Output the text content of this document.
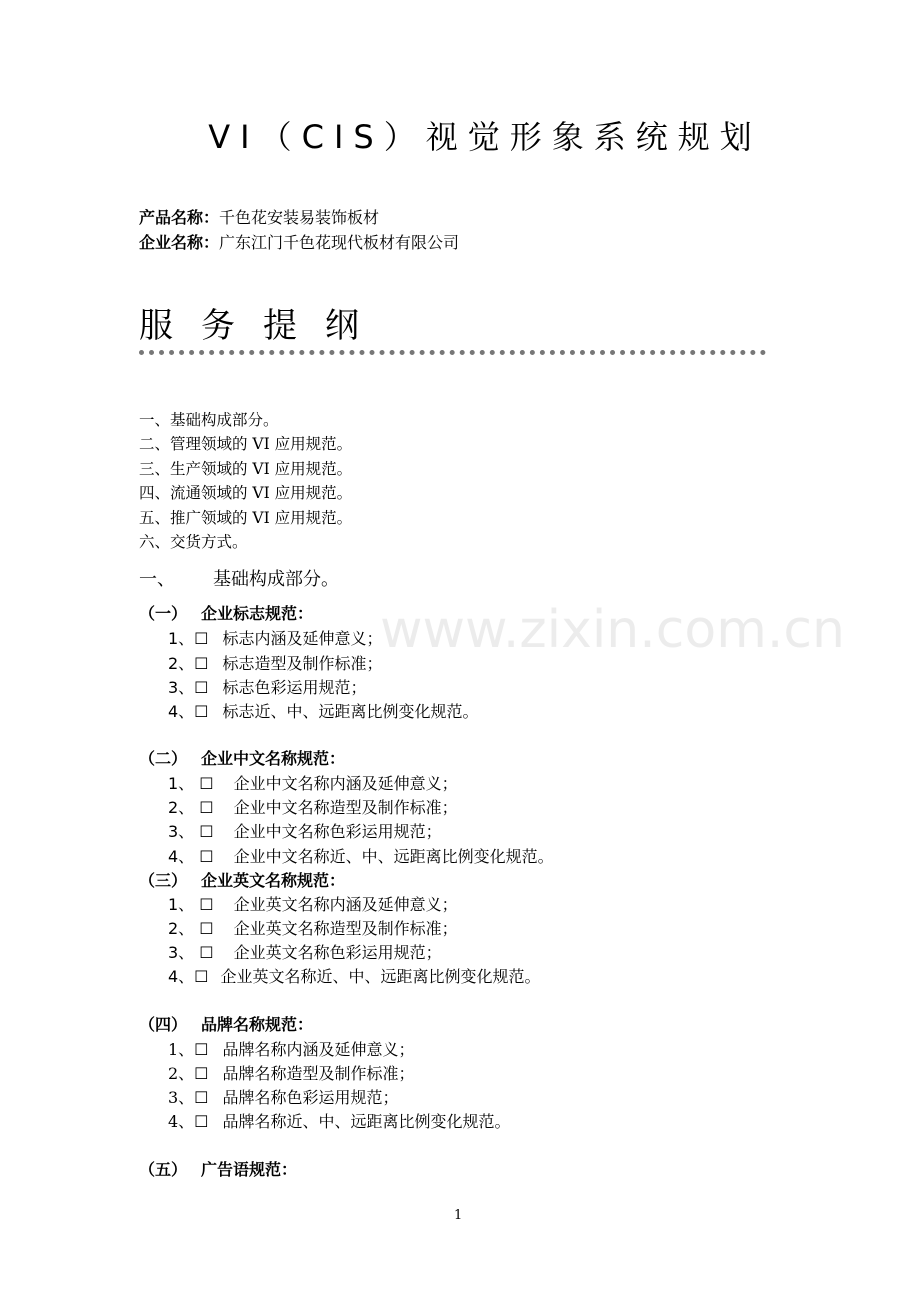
VI（CIS）视觉形象系统规划
产品名称：千色花安装易装饰板材
企业名称：广东江门千色花现代板材有限公司
服务提纲
一、基础构成部分。
二、管理领域的 VI 应用规范。
三、生产领域的 VI 应用规范。
四、流通领域的 VI 应用规范。
五、推广领域的 VI 应用规范。
六、交货方式。
一、 基础构成部分。
www.zixin.com.cn
（一） 企业标志规范：
1、☐ 标志内涵及延伸意义；
2、☐ 标志造型及制作标准；
3、☐ 标志色彩运用规范；
4、☐ 标志近、中、远距离比例变化规范。
（二） 企业中文名称规范：
1、 ☐ 企业中文名称内涵及延伸意义；
2、 ☐ 企业中文名称造型及制作标准；
3、 ☐ 企业中文名称色彩运用规范；
4、 ☐ 企业中文名称近、中、远距离比例变化规范。
（三） 企业英文名称规范：
1、 ☐ 企业英文名称内涵及延伸意义；
2、 ☐ 企业英文名称造型及制作标准；
3、 ☐ 企业英文名称色彩运用规范；
4、☐ 企业英文名称近、中、远距离比例变化规范。
（四） 品牌名称规范：
1、☐ 品牌名称内涵及延伸意义；
2、☐ 品牌名称造型及制作标准；
3、☐ 品牌名称色彩运用规范；
4、☐ 品牌名称近、中、远距离比例变化规范。
（五） 广告语规范：
1
